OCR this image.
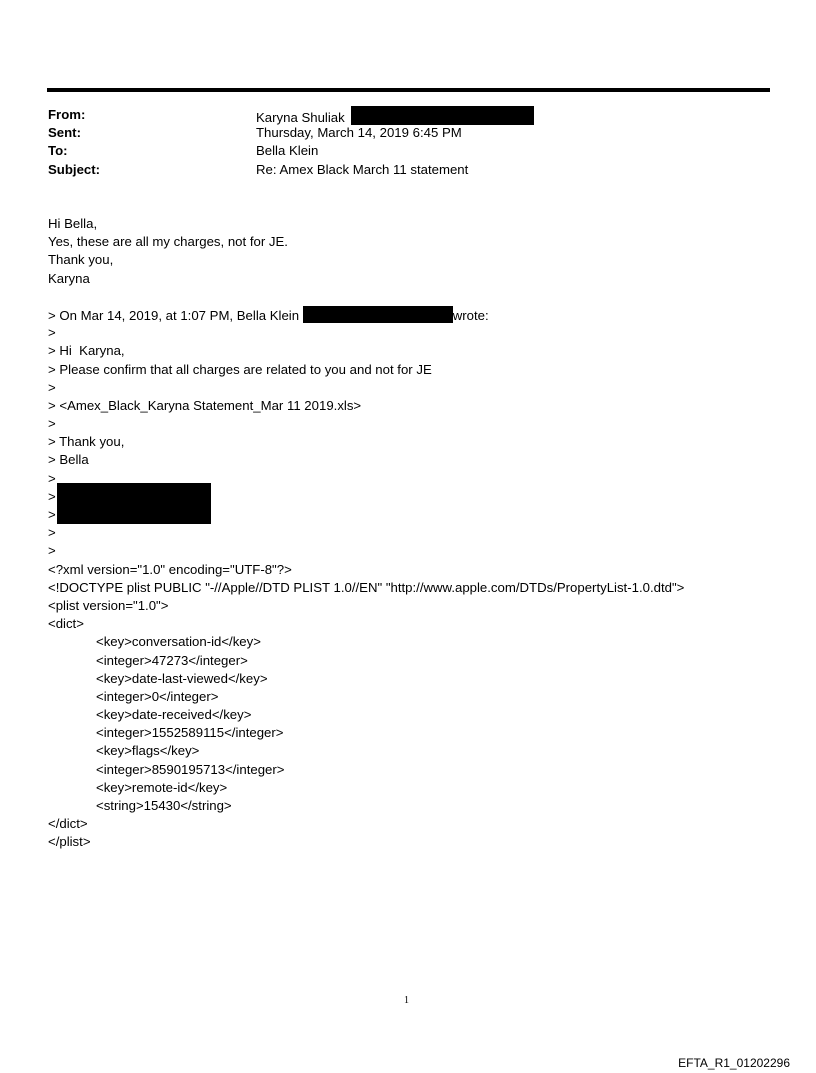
From:	Karyna Shuliak
Sent:	Thursday, March 14, 2019 6:45 PM
To:	Bella Klein
Subject:	Re: Amex Black March 11 statement
Hi Bella,
Yes, these are all my charges, not for JE.
Thank you,
Karyna
> On Mar 14, 2019, at 1:07 PM, Bella Klein	wrote:
>
> Hi  Karyna,
> Please confirm that all charges are related to you and not for JE
>
> <Amex_Black_Karyna Statement_Mar 11 2019.xls>
>
> Thank you,
> Bella
>
>
>
>
>
<?xml version="1.0" encoding="UTF-8"?>
<!DOCTYPE plist PUBLIC "-//Apple//DTD PLIST 1.0//EN" "http://www.apple.com/DTDs/PropertyList-1.0.dtd">
<plist version="1.0">
<dict>
<key>conversation-id</key>
<integer>47273</integer>
<key>date-last-viewed</key>
<integer>0</integer>
<key>date-received</key>
<integer>1552589115</integer>
<key>flags</key>
<integer>8590195713</integer>
<key>remote-id</key>
<string>15430</string>
</dict>
</plist>
1
EFTA_R1_01202296
